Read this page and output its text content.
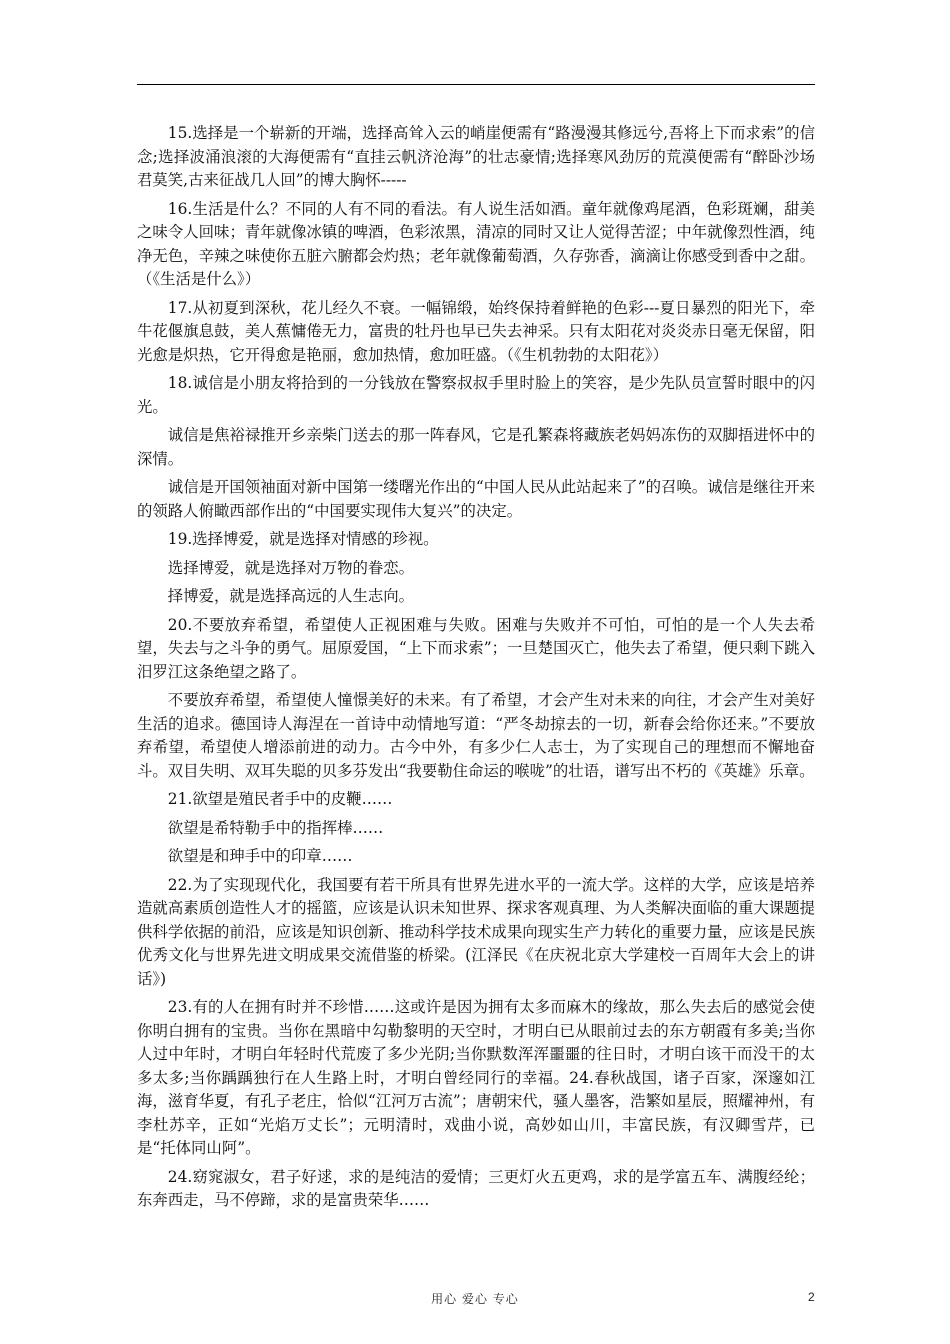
15.选择是一个崭新的开端，选择高耸入云的峭崖便需有“路漫漫其修远兮,吾将上下而求索”的信念;选择波涌浪滚的大海便需有“直挂云帆济沧海”的壮志豪情;选择寒风劲厉的荒漠便需有“醉卧沙场君莫笑,古来征战几人回”的博大胸怀-----

16.生活是什么？不同的人有不同的看法。有人说生活如酒。童年就像鸡尾酒，色彩斑斓，甜美之味令人回味；青年就像冰镇的啤酒，色彩浓黑，清凉的同时又让人觉得苦涩；中年就像烈性酒，纯净无色，辛辣之味使你五脏六腑都会灼热；老年就像葡萄酒，久存弥香，滴滴让你感受到香中之甜。（《生活是什么》）

17.从初夏到深秋，花儿经久不衰。一幅锦缎，始终保持着鲜艳的色彩---夏日暴烈的阳光下，牵牛花偃旗息鼓，美人蕉慵倦无力，富贵的牡丹也早已失去神采。只有太阳花对炎炎赤日毫无保留，阳光愈是炽热，它开得愈是艳丽，愈加热情，愈加旺盛。（《生机勃勃的太阳花》）

18.诚信是小朋友将拾到的一分钱放在警察叔叔手里时脸上的笑容，是少先队员宣誓时眼中的闪光。

诚信是焦裕禄推开乡亲柴门送去的那一阵春风，它是孔繁森将藏族老妈妈冻伤的双脚捂进怀中的深情。

诚信是开国领袖面对新中国第一缕曙光作出的“中国人民从此站起来了”的召唤。诚信是继往开来的领路人俯瞰西部作出的“中国要实现伟大复兴”的决定。

19.选择博爱，就是选择对情感的珍视。

选择博爱，就是选择对万物的眷恋。

择博爱，就是选择高远的人生志向。

20.不要放弃希望，希望使人正视困难与失败。困难与失败并不可怕，可怕的是一个人失去希望，失去与之斗争的勇气。屈原爱国，“上下而求索”；一旦楚国灭亡，他失去了希望，便只剩下跳入汨罗江这条绝望之路了。

不要放弃希望，希望使人憧憬美好的未来。有了希望，才会产生对未来的向往，才会产生对美好生活的追求。德国诗人海涅在一首诗中动情地写道：“严冬劫掠去的一切，新春会给你还来。”不要放弃希望，希望使人增添前进的动力。古今中外，有多少仁人志士，为了实现自己的理想而不懈地奋斗。双目失明、双耳失聪的贝多芬发出“我要勒住命运的喉咙”的壮语，谱写出不朽的《英雄》乐章。

21.欲望是殖民者手中的皮鞭……

欲望是希特勒手中的指挥棒……

欲望是和珅手中的印章……

22.为了实现现代化，我国要有若干所具有世界先进水平的一流大学。这样的大学，应该是培养造就高素质创造性人才的摇篮，应该是认识未知世界、探求客观真理、为人类解决面临的重大课题提供科学依据的前沿，应该是知识创新、推动科学技术成果向现实生产力转化的重要力量，应该是民族优秀文化与世界先进文明成果交流借鉴的桥梁。(江泽民《在庆祝北京大学建校一百周年大会上的讲话》)

23.有的人在拥有时并不珍惜……这或许是因为拥有太多而麻木的缘故，那么失去后的感觉会使你明白拥有的宝贵。当你在黑暗中勾勒黎明的天空时，才明白已从眼前过去的东方朝霞有多美;当你人过中年时，才明白年轻时代荒废了多少光阴;当你默数浑浑噩噩的往日时，才明白该干而没干的太多太多;当你踽踽独行在人生路上时，才明白曾经同行的幸福。24.春秋战国，诸子百家，深邃如江海，滋育华夏，有孔子老庄，恰似“江河万古流”；唐朝宋代，骚人墨客，浩繁如星辰，照耀神州，有李杜苏辛，正如“光焰万丈长”；元明清时，戏曲小说，高妙如山川，丰富民族，有汉卿雪芹，已是“托体同山阿”。

24.窈窕淑女，君子好逑，求的是纯洁的爱情；三更灯火五更鸡，求的是学富五车、满腹经纶；东奔西走，马不停蹄，求的是富贵荣华……

用心 爱心 专心	2
